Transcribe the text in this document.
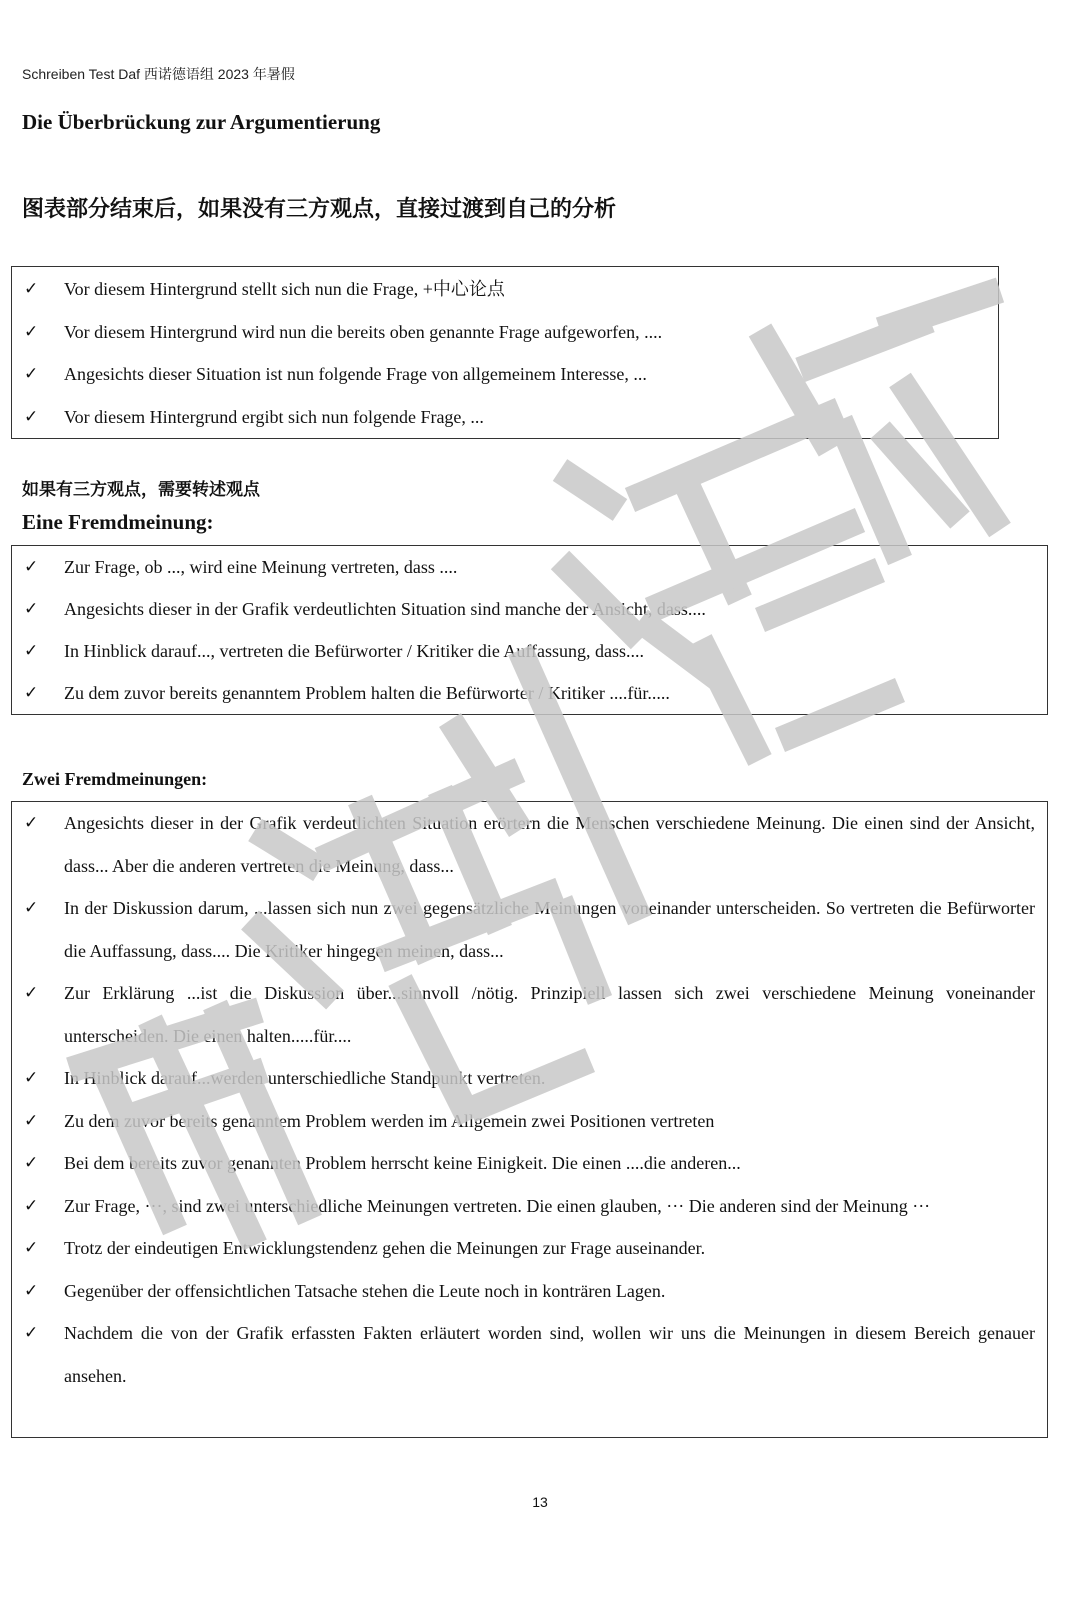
Schreiben Test Daf 西诺德语组 2023 年暑假
Die Überbrückung zur Argumentierung
图表部分结束后，如果没有三方观点，直接过渡到自己的分析
✓ Vor diesem Hintergrund stellt sich nun die Frage, +中心论点
✓ Vor diesem Hintergrund wird nun die bereits oben genannte Frage aufgeworfen, ....
✓ Angesichts dieser Situation ist nun folgende Frage von allgemeinem Interesse, ...
✓ Vor diesem Hintergrund ergibt sich nun folgende Frage, ...
如果有三方观点，需要转述观点
Eine Fremdmeinung:
✓ Zur Frage, ob ..., wird eine Meinung vertreten, dass ....
✓ Angesichts dieser in der Grafik verdeutlichten Situation sind manche der Ansicht, dass....
✓ In Hinblick darauf..., vertreten die Befürworter / Kritiker die Auffassung, dass....
✓ Zu dem zuvor bereits genanntem Problem halten die Befürworter / Kritiker ....für.....
Zwei Fremdmeinungen:
✓ Angesichts dieser in der Grafik verdeutlichten Situation erörtern die Menschen verschiedene Meinung. Die einen sind der Ansicht, dass... Aber die anderen vertreten die Meinung, dass...
✓ In der Diskussion darum, ...lassen sich nun zwei gegensätzliche Meinungen voneinander unterscheiden. So vertreten die Befürworter die Auffassung, dass.... Die Kritiker hingegen meinen, dass...
✓ Zur Erklärung ...ist die Diskussion über...sinnvoll /nötig. Prinzipiell lassen sich zwei verschiedene Meinung voneinander unterscheiden. Die einen halten.....für....
✓ In Hinblick darauf...werden unterschiedliche Standpunkt vertreten.
✓ Zu dem zuvor bereits genanntem Problem werden im Allgemein zwei Positionen vertreten
✓ Bei dem bereits zuvor genannten Problem herrscht keine Einigkeit. Die einen ....die anderen...
✓ Zur Frage, ···, sind zwei unterschiedliche Meinungen vertreten. Die einen glauben, ··· Die anderen sind der Meinung ···
✓ Trotz der eindeutigen Entwicklungstendenz gehen die Meinungen zur Frage auseinander.
✓ Gegenüber der offensichtlichen Tatsache stehen die Leute noch in konträren Lagen.
✓ Nachdem die von der Grafik erfassten Fakten erläutert worden sind, wollen wir uns die Meinungen in diesem Bereich genauer ansehen.
13
